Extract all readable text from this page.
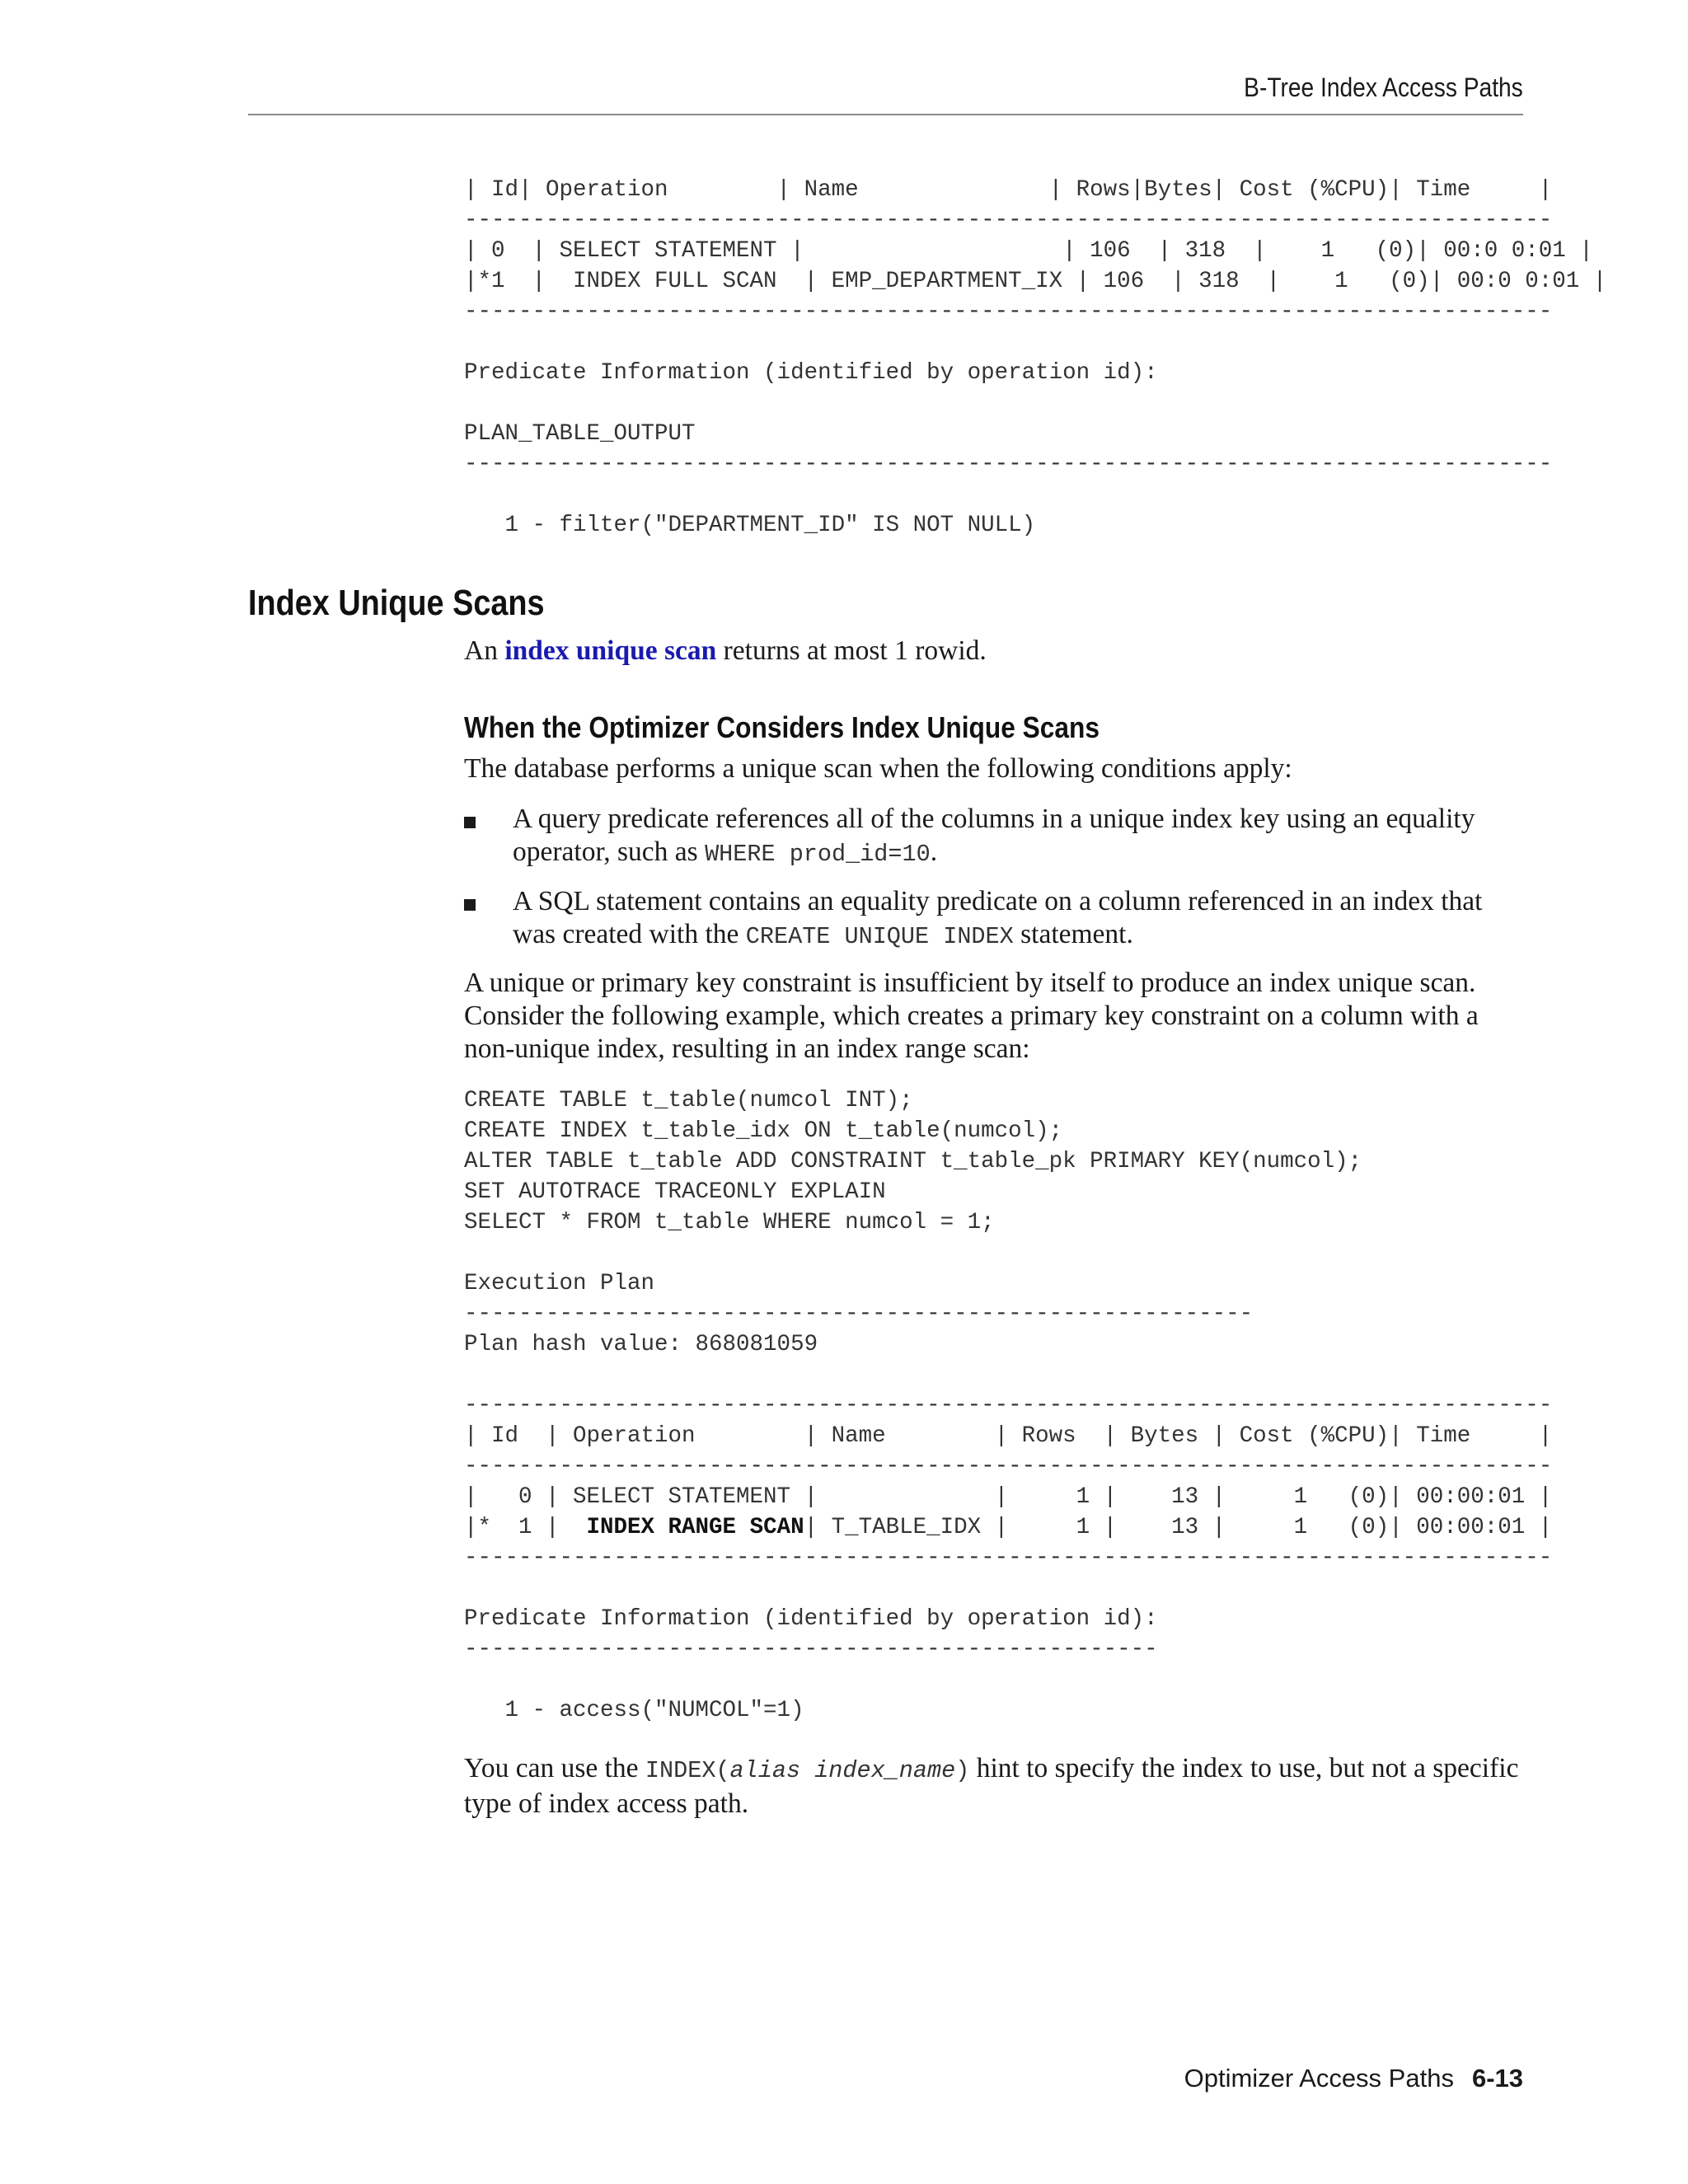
B-Tree Index Access Paths
| Id| Operation        | Name              | Rows|Bytes| Cost (%CPU)| Time     |
--------------------------------------------------------------------------------
| 0  | SELECT STATEMENT |                   | 106  | 318  |    1   (0)| 00:0 0:01 |
|*1  |  INDEX FULL SCAN  | EMP_DEPARTMENT_IX | 106  | 318  |    1   (0)| 00:0 0:01 |
--------------------------------------------------------------------------------
Predicate Information (identified by operation id):
PLAN_TABLE_OUTPUT
--------------------------------------------------------------------------------
1 - filter("DEPARTMENT_ID" IS NOT NULL)
Index Unique Scans

An index unique scan returns at most 1 rowid.

When the Optimizer Considers Index Unique Scans

The database performs a unique scan when the following conditions apply:

A query predicate references all of the columns in a unique index key using an equality operator, such as WHERE prod_id=10.

A SQL statement contains an equality predicate on a column referenced in an index that was created with the CREATE UNIQUE INDEX statement.

A unique or primary key constraint is insufficient by itself to produce an index unique scan. Consider the following example, which creates a primary key constraint on a column with a non-unique index, resulting in an index range scan:

CREATE TABLE t_table(numcol INT);
CREATE INDEX t_table_idx ON t_table(numcol);
ALTER TABLE t_table ADD CONSTRAINT t_table_pk PRIMARY KEY(numcol);
SET AUTOTRACE TRACEONLY EXPLAIN
SELECT * FROM t_table WHERE numcol = 1;
Execution Plan
----------------------------------------------------------
Plan hash value: 868081059
--------------------------------------------------------------------------------
| Id  | Operation        | Name        | Rows  | Bytes | Cost (%CPU)| Time     |
--------------------------------------------------------------------------------
|   0 | SELECT STATEMENT |             |     1 |    13 |     1   (0)| 00:00:01 |
|*  1 |  INDEX RANGE SCAN| T_TABLE_IDX |     1 |    13 |     1   (0)| 00:00:01 |
--------------------------------------------------------------------------------
Predicate Information (identified by operation id):
---------------------------------------------------
1 - access("NUMCOL"=1)

You can use the INDEX(alias index_name) hint to specify the index to use, but not a specific type of index access path.

Optimizer Access Paths 6-13
